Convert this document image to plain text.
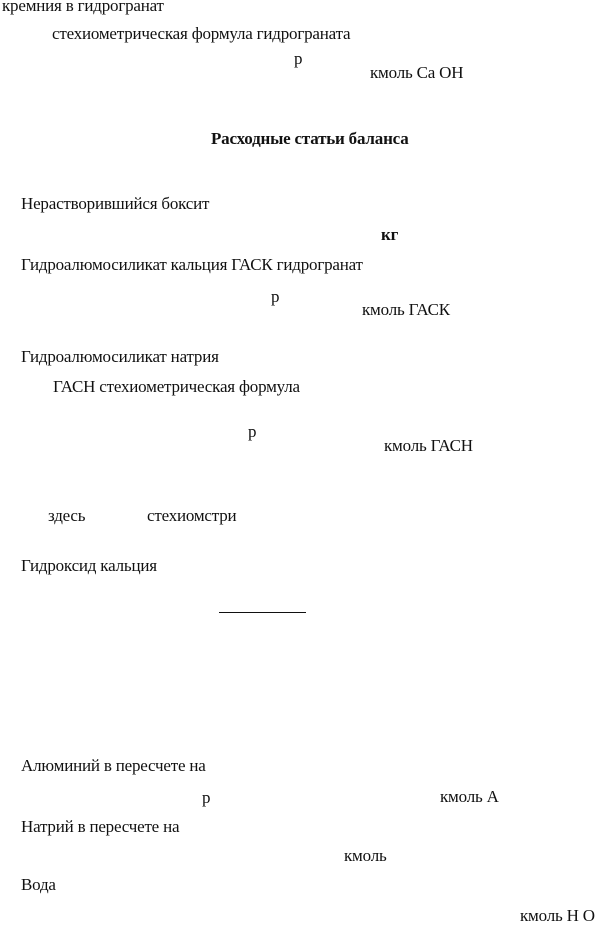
кремния в гидрогранат
стехиометрическая формула гидрограната
р
кмоль Са ОН
Расходные статьи баланса
Нерастворившийся боксит
кг
Гидроалюмосиликат кальция ГАСК гидрогранат
р
кмоль ГАСК
Гидроалюмосиликат натрия
ГАСН стехиометрическая формула
р
кмоль ГАСН
здесь	стехиомстри
Гидроксид кальция
Алюминий в пересчете на
р	кмоль А
Натрий в пересчете на
кмоль
Вода
кмоль Н О
